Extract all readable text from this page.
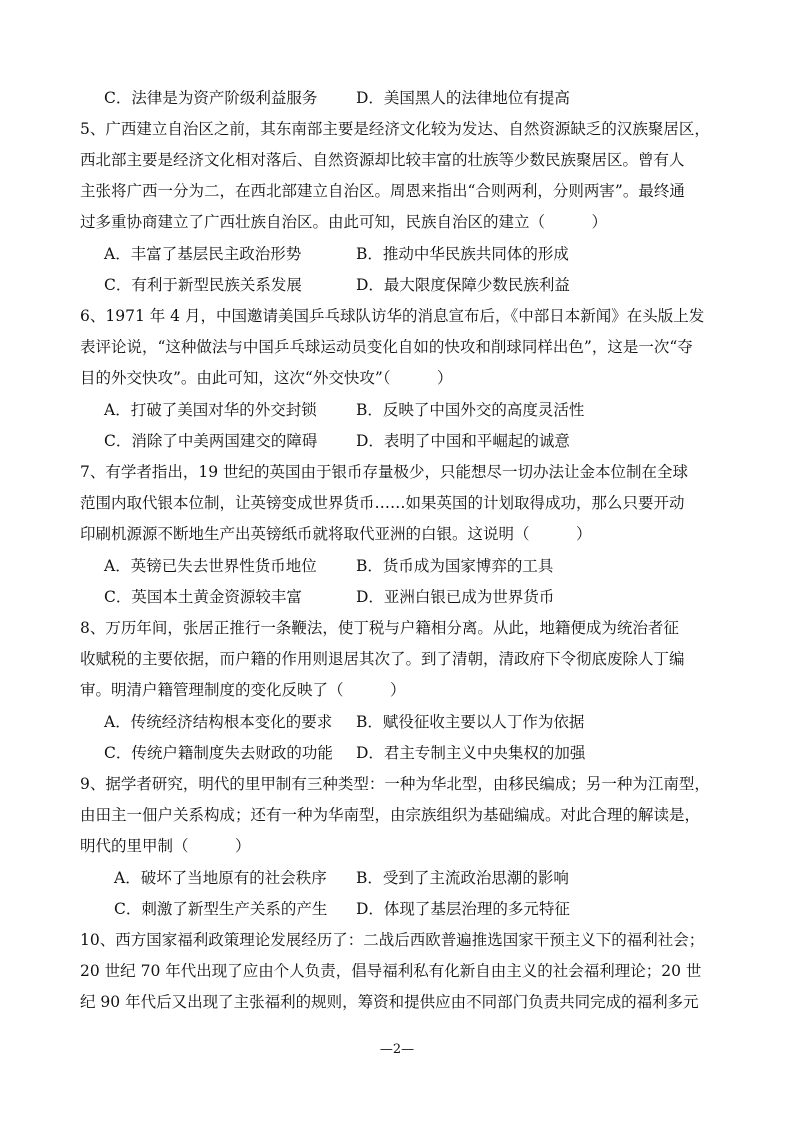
C．法律是为资产阶级利益服务 D．美国黑人的法律地位有提高
5、广西建立自治区之前，其东南部主要是经济文化较为发达、自然资源缺乏的汉族聚居区，
西北部主要是经济文化相对落后、自然资源却比较丰富的壮族等少数民族聚居区。曾有人
主张将广西一分为二，在西北部建立自治区。周恩来指出“合则两利，分则两害”。最终通
过多重协商建立了广西壮族自治区。由此可知，民族自治区的建立（　　　）
A．丰富了基层民主政治形势	B．推动中华民族共同体的形成
C．有利于新型民族关系发展	D．最大限度保障少数民族利益
6、1971 年 4 月，中国邀请美国乒乓球队访华的消息宣布后，《中部日本新闻》在头版上发
表评论说，“这种做法与中国乒乓球运动员变化自如的快攻和削球同样出色”，这是一次“夺
目的外交快攻”。由此可知，这次“外交快攻”（　　　）
A．打破了美国对华的外交封锁	B．反映了中国外交的高度灵活性
C．消除了中美两国建交的障碍 D．表明了中国和平崛起的诚意
7、有学者指出，19 世纪的英国由于银币存量极少，只能想尽一切办法让金本位制在全球
范围内取代银本位制，让英镑变成世界货币……如果英国的计划取得成功，那么只要开动
印刷机源源不断地生产出英镑纸币就将取代亚洲的白银。这说明（　　　）
A．英镑已失去世界性货币地位	B．货币成为国家博弈的工具
C．英国本土黄金资源较丰富	D．亚洲白银已成为世界货币
8、万历年间，张居正推行一条鞭法，使丁税与户籍相分离。从此，地籍便成为统治者征
收赋税的主要依据，而户籍的作用则退居其次了。到了清朝，清政府下令彻底废除人丁编
审。明清户籍管理制度的变化反映了（　　　）
A．传统经济结构根本变化的要求 B．赋役征收主要以人丁作为依据
C．传统户籍制度失去财政的功能 D．君主专制主义中央集权的加强
9、据学者研究，明代的里甲制有三种类型：一种为华北型，由移民编成；另一种为江南型，
由田主一佃户关系构成；还有一种为华南型，由宗族组织为基础编成。对此合理的解读是，
明代的里甲制（　　　）
A．破坏了当地原有的社会秩序 B．受到了主流政治思潮的影响
C．刺激了新型生产关系的产生 D．体现了基层治理的多元特征
10、西方国家福利政策理论发展经历了：二战后西欧普遍推选国家干预主义下的福利社会；
20 世纪 70 年代出现了应由个人负责，倡导福利私有化新自由主义的社会福利理论；20 世
纪 90 年代后又出现了主张福利的规则，筹资和提供应由不同部门负责共同完成的福利多元
—2—
